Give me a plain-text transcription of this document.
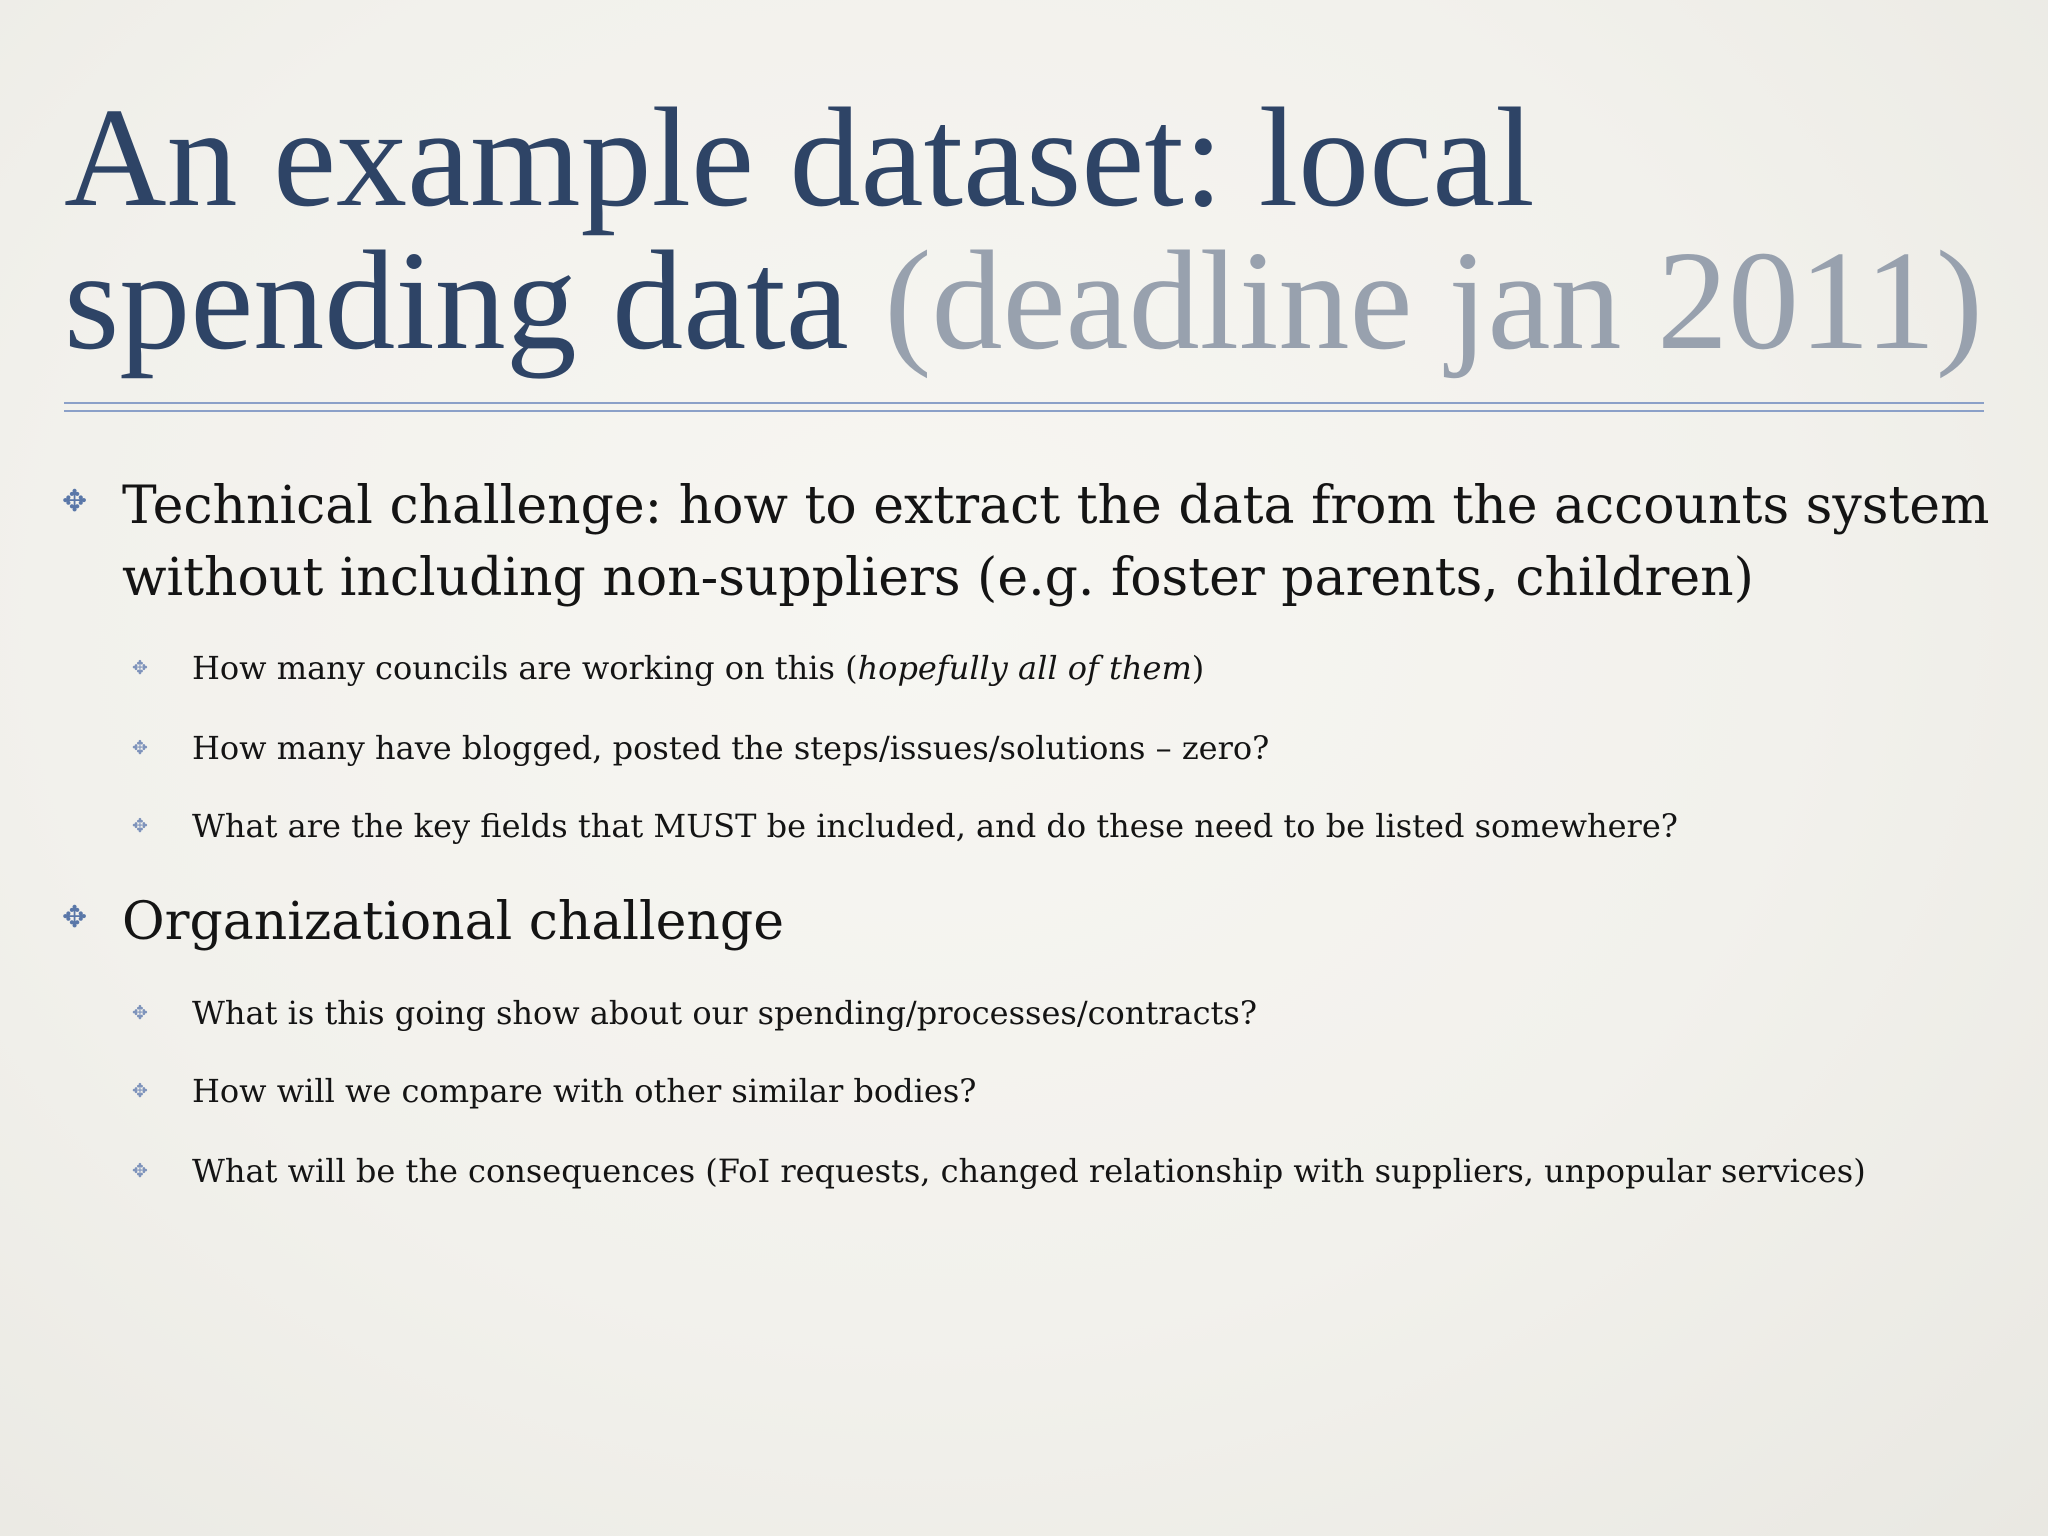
An example dataset: local spending data (deadline jan 2011)
✥ Technical challenge: how to extract the data from the accounts system without including non-suppliers (e.g. foster parents, children)

✥ How many councils are working on this (hopefully all of them)

✥ How many have blogged, posted the steps/issues/solutions – zero?

✥ What are the key fields that MUST be included, and do these need to be listed somewhere?

✥ Organizational challenge

✥ What is this going show about our spending/processes/contracts?

✥ How will we compare with other similar bodies?

✥ What will be the consequences (FoI requests, changed relationship with suppliers, unpopular services)
